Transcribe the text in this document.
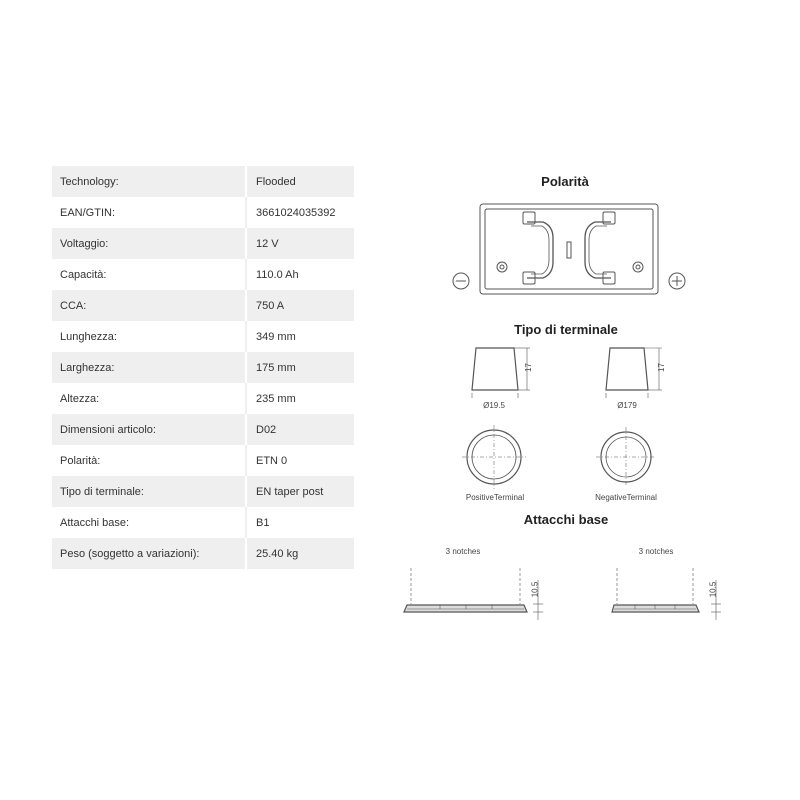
Technology:	Flooded
EAN/GTIN:	3661024035392
Voltaggio:	12 V
Capacità:	110.0 Ah
CCA:	750 A
Lunghezza:	349 mm
Larghezza:	175 mm
Altezza:	235 mm
Dimensioni articolo:	D02
Polarità:	ETN 0
Tipo di terminale:	EN taper post
Attacchi base:	B1
Peso (soggetto a variazioni):	25.40 kg
Polarità
Tipo di terminale
Attacchi base
Ø19.5	Ø179
17	17
PositiveTerminal	NegativeTerminal
3 notches	3 notches
10.5	10.5
